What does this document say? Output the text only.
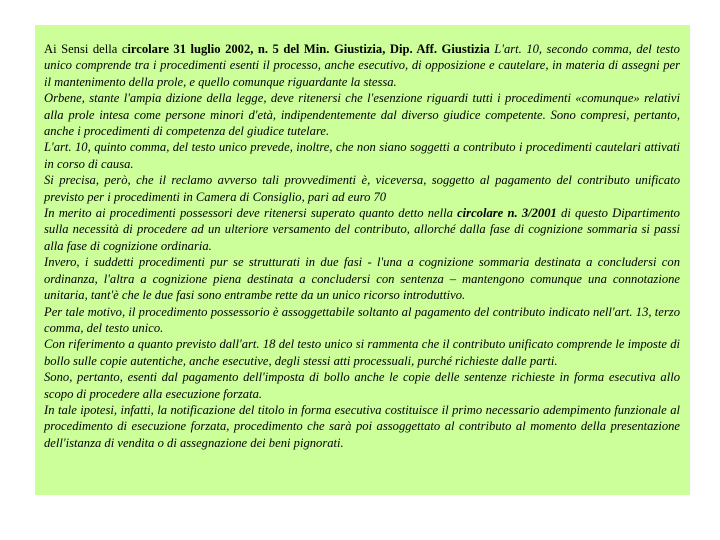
Ai Sensi della circolare 31 luglio 2002, n. 5 del Min. Giustizia, Dip. Aff. Giustizia L'art. 10, secondo comma, del testo unico comprende tra i procedimenti esenti il processo, anche esecutivo, di opposizione e cautelare, in materia di assegni per il mantenimento della prole, e quello comunque riguardante la stessa.

Orbene, stante l'ampia dizione della legge, deve ritenersi che l'esenzione riguardi tutti i procedimenti «comunque» relativi alla prole intesa come persone minori d'età, indipendentemente dal diverso giudice competente. Sono compresi, pertanto, anche i procedimenti di competenza del giudice tutelare.

L'art. 10, quinto comma, del testo unico prevede, inoltre, che non siano soggetti a contributo i procedimenti cautelari attivati in corso di causa.

Si precisa, però, che il reclamo avverso tali provvedimenti è, viceversa, soggetto al pagamento del contributo unificato previsto per i procedimenti in Camera di Consiglio, pari ad euro 70

In merito ai procedimenti possessori deve ritenersi superato quanto detto nella circolare n. 3/2001 di questo Dipartimento sulla necessità di procedere ad un ulteriore versamento del contributo, allorché dalla fase di cognizione sommaria si passi alla fase di cognizione ordinaria.

Invero, i suddetti procedimenti pur se strutturati in due fasi - l'una a cognizione sommaria destinata a concludersi con ordinanza, l'altra a cognizione piena destinata a concludersi con sentenza – mantengono comunque una connotazione unitaria, tant'è che le due fasi sono entrambe rette da un unico ricorso introduttivo.

Per tale motivo, il procedimento possessorio è assoggettabile soltanto al pagamento del contributo indicato nell'art. 13, terzo comma, del testo unico.

Con riferimento a quanto previsto dall'art. 18 del testo unico si rammenta che il contributo unificato comprende le imposte di bollo sulle copie autentiche, anche esecutive, degli stessi atti processuali, purché richieste dalle parti.

Sono, pertanto, esenti dal pagamento dell'imposta di bollo anche le copie delle sentenze richieste in forma esecutiva allo scopo di procedere alla esecuzione forzata.

In tale ipotesi, infatti, la notificazione del titolo in forma esecutiva costituisce il primo necessario adempimento funzionale al procedimento di esecuzione forzata, procedimento che sarà poi assoggettato al contributo al momento della presentazione dell'istanza di vendita o di assegnazione dei beni pignorati.
